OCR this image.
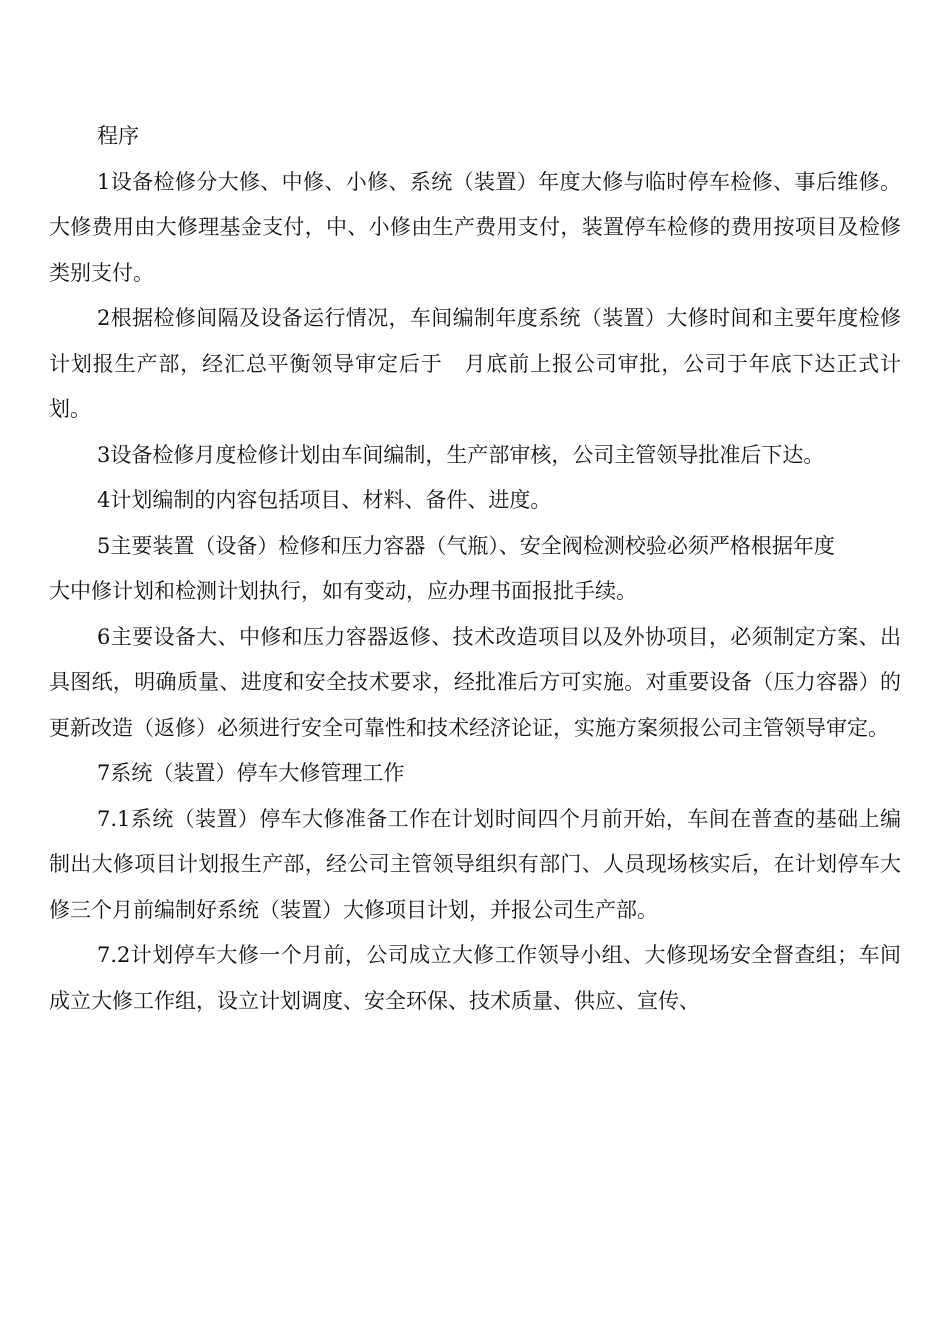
程序

1设备检修分大修、中修、小修、系统（装置）年度大修与临时停车检修、事后维修。大修费用由大修理基金支付，中、小修由生产费用支付，装置停车检修的费用按项目及检修类别支付。

2根据检修间隔及设备运行情况，车间编制年度系统（装置）大修时间和主要年度检修计划报生产部，经汇总平衡领导审定后于　月底前上报公司审批，公司于年底下达正式计划。

3设备检修月度检修计划由车间编制，生产部审核，公司主管领导批准后下达。

4计划编制的内容包括项目、材料、备件、进度。

5主要装置（设备）检修和压力容器（气瓶）、安全阀检测校验必须严格根据年度

大中修计划和检测计划执行，如有变动，应办理书面报批手续。

6主要设备大、中修和压力容器返修、技术改造项目以及外协项目，必须制定方案、出具图纸，明确质量、进度和安全技术要求，经批准后方可实施。对重要设备（压力容器）的更新改造（返修）必须进行安全可靠性和技术经济论证，实施方案须报公司主管领导审定。

7系统（装置）停车大修管理工作

7.1系统（装置）停车大修准备工作在计划时间四个月前开始，车间在普查的基础上编制出大修项目计划报生产部，经公司主管领导组织有部门、人员现场核实后，在计划停车大修三个月前编制好系统（装置）大修项目计划，并报公司生产部。

7.2计划停车大修一个月前，公司成立大修工作领导小组、大修现场安全督查组；车间成立大修工作组，设立计划调度、安全环保、技术质量、供应、宣传、
